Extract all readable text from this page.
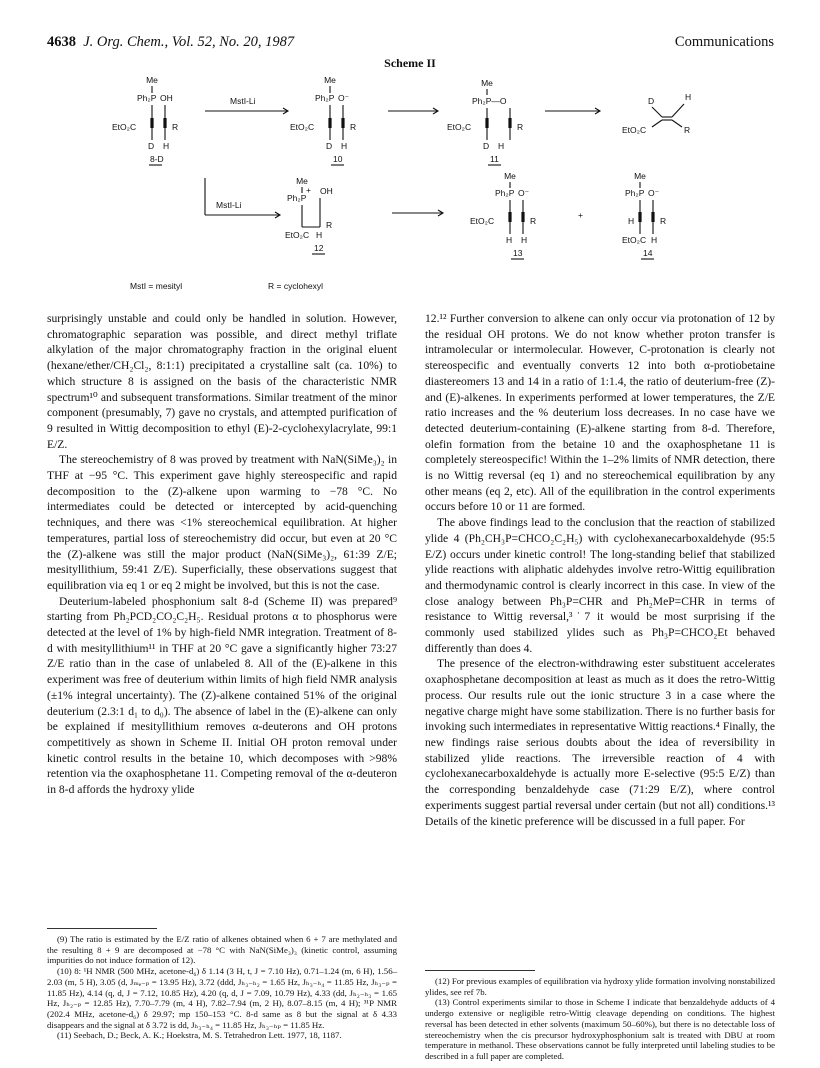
4638 J. Org. Chem., Vol. 52, No. 20, 1987	Communications
Scheme II
Me
Ph₂P OH
EtO₂C	R
D H
8-D
MstI-Li
Me
Ph₂P O⁻
EtO₂C	R
D H
10
Me
Ph₂P—O
EtO₂C	R
D H
11
D	H
EtO₂C	R
MstI-Li
Me
Ph₂P
+ OH
EtO₂C
R
H
12
Me
Ph₂P O⁻
EtO₂C	R
H H
13
+
Me
Ph₂P O⁻
H	R
EtO₂C H
14
MstI = mesityl	R = cyclohexyl

surprisingly unstable and could only be handled in solution. However, chromatographic separation was possible, and direct methyl triflate alkylation of the major chromatography fraction in the original eluent (hexane/ether/CH₂Cl₂, 8:1:1) precipitated a crystalline salt (ca. 10%) to which structure 8 is assigned on the basis of the characteristic NMR spectrum¹⁰ and subsequent transformations. Similar treatment of the minor component (presumably, 7) gave no crystals, and attempted purification of 9 resulted in Wittig decomposition to ethyl (E)-2-cyclohexylacrylate, 99:1 E/Z.

The stereochemistry of 8 was proved by treatment with NaN(SiMe₃)₂ in THF at −95 °C. This experiment gave highly stereospecific and rapid decomposition to the (Z)-alkene upon warming to −78 °C. No intermediates could be detected or intercepted by acid-quenching techniques, and there was <1% stereochemical equilibration. At higher temperatures, partial loss of stereochemistry did occur, but even at 20 °C the (Z)-alkene was still the major product (NaN(SiMe₃)₂, 61:39 Z/E; mesityllithium, 59:41 Z/E). Superficially, these observations suggest that equilibration via eq 1 or eq 2 might be involved, but this is not the case.

Deuterium-labeled phosphonium salt 8-d (Scheme II) was prepared⁹ starting from Ph₂PCD₂CO₂C₂H₅. Residual protons α to phosphorus were detected at the level of 1% by high-field NMR integration. Treatment of 8-d with mesityllithium¹¹ in THF at 20 °C gave a significantly higher 73:27 Z/E ratio than in the case of unlabeled 8. All of the (E)-alkene in this experiment was free of deuterium within limits of high field NMR analysis (±1% integral uncertainty). The (Z)-alkene contained 51% of the original deuterium (2.3:1 d₁ to d₀). The absence of label in the (E)-alkene can only be explained if mesityllithium removes α-deuterons and OH protons competitively as shown in Scheme II. Initial OH proton removal under kinetic control results in the betaine 10, which decomposes with >98% retention via the oxaphosphetane 11. Competing removal of the α-deuteron in 8-d affords the hydroxy ylide

12.¹² Further conversion to alkene can only occur via protonation of 12 by the residual OH protons. We do not know whether proton transfer is intramolecular or intermolecular. However, C-protonation is clearly not stereospecific and eventually converts 12 into both α-protiobetaine diastereomers 13 and 14 in a ratio of 1:1.4, the ratio of deuterium-free (Z)- and (E)-alkenes. In experiments performed at lower temperatures, the Z/E ratio increases and the % deuterium loss decreases. In no case have we detected deuterium-containing (E)-alkene starting from 8-d. Therefore, olefin formation from the betaine 10 and the oxaphosphetane 11 is completely stereospecific! Within the 1–2% limits of NMR detection, there is no Wittig reversal (eq 1) and no stereochemical equilibration by any other means (eq 2, etc). All of the equilibration in the control experiments occurs before 10 or 11 are formed.

The above findings lead to the conclusion that the reaction of stabilized ylide 4 (Ph₂CH₃P=CHCO₂C₂H₅) with cyclohexanecarboxaldehyde (95:5 E/Z) occurs under kinetic control! The long-standing belief that stabilized ylide reactions with aliphatic aldehydes involve retro-Wittig equilibration and thermodynamic control is clearly incorrect in this case. In view of the close analogy between Ph₃P=CHR and Ph₂MeP=CHR in terms of resistance to Wittig reversal,³˙7 it would be most surprising if the commonly used stabilized ylides such as Ph₃P=CHCO₂Et behaved differently than does 4.

The presence of the electron-withdrawing ester substituent accelerates oxaphosphetane decomposition at least as much as it does the retro-Wittig process. Our results rule out the ionic structure 3 in a case where the negative charge might have some stabilization. There is no further basis for invoking such intermediates in representative Wittig reactions.⁴ Finally, the new findings raise serious doubts about the idea of reversibility in stabilized ylide reactions. The irreversible reaction of 4 with cyclohexanecarboxaldehyde is actually more E-selective (95:5 E/Z) than the corresponding benzaldehyde case (71:29 E/Z), where control experiments suggest partial reversal under certain (but not all) conditions.¹³ Details of the kinetic preference will be discussed in a full paper. For

(9) The ratio is estimated by the E/Z ratio of alkenes obtained when 6 + 7 are methylated and the resulting 8 + 9 are decomposed at −78 °C with NaN(SiMe₃)₃ (kinetic control, assuming impurities do not induce formation of 12).

(10) 8: ¹H NMR (500 MHz, acetone-d₆) δ 1.14 (3 H, t, J = 7.10 Hz), 0.71–1.24 (m, 6 H), 1.56–2.03 (m, 5 H), 3.05 (d, Jₘₑ₋ₚ = 13.95 Hz), 3.72 (ddd, Jₕ₃₋ₕ₂ = 1.65 Hz, Jₕ₃₋ₕ₄ = 11.85 Hz, Jₕ₃₋ₚ = 11.85 Hz), 4.14 (q, d, J = 7.12, 10.85 Hz), 4.20 (q, d, J = 7.09, 10.79 Hz), 4.33 (dd, Jₕ₂₋ₕ₃ = 1.65 Hz, Jₕ₂₋ₚ = 12.85 Hz), 7.70–7.79 (m, 4 H), 7.82–7.94 (m, 2 H), 8.07–8.15 (m, 4 H); ³¹P NMR (202.4 MHz, acetone-d₆) δ 29.97; mp 150–153 °C. 8-d same as 8 but the signal at δ 4.33 disappears and the signal at δ 3.72 is dd, Jₕ₃₋ₕ₄ = 11.85 Hz, Jₕ₃₋ₕₚ = 11.85 Hz.

(11) Seebach, D.; Beck, A. K.; Hoekstra, M. S. Tetrahedron Lett. 1977, 18, 1187.

(12) For previous examples of equilibration via hydroxy ylide formation involving nonstabilized ylides, see ref 7b.

(13) Control experiments similar to those in Scheme I indicate that benzaldehyde adducts of 4 undergo extensive or negligible retro-Wittig cleavage depending on conditions. The highest reversal has been detected in ether solvents (maximum 50–60%), but there is no detectable loss of stereochemistry when the cis precursor hydroxyphosphonium salt is treated with DBU at room temperature in methanol. These observations cannot be fully interpreted until labeling studies to be described in a full paper are completed.
